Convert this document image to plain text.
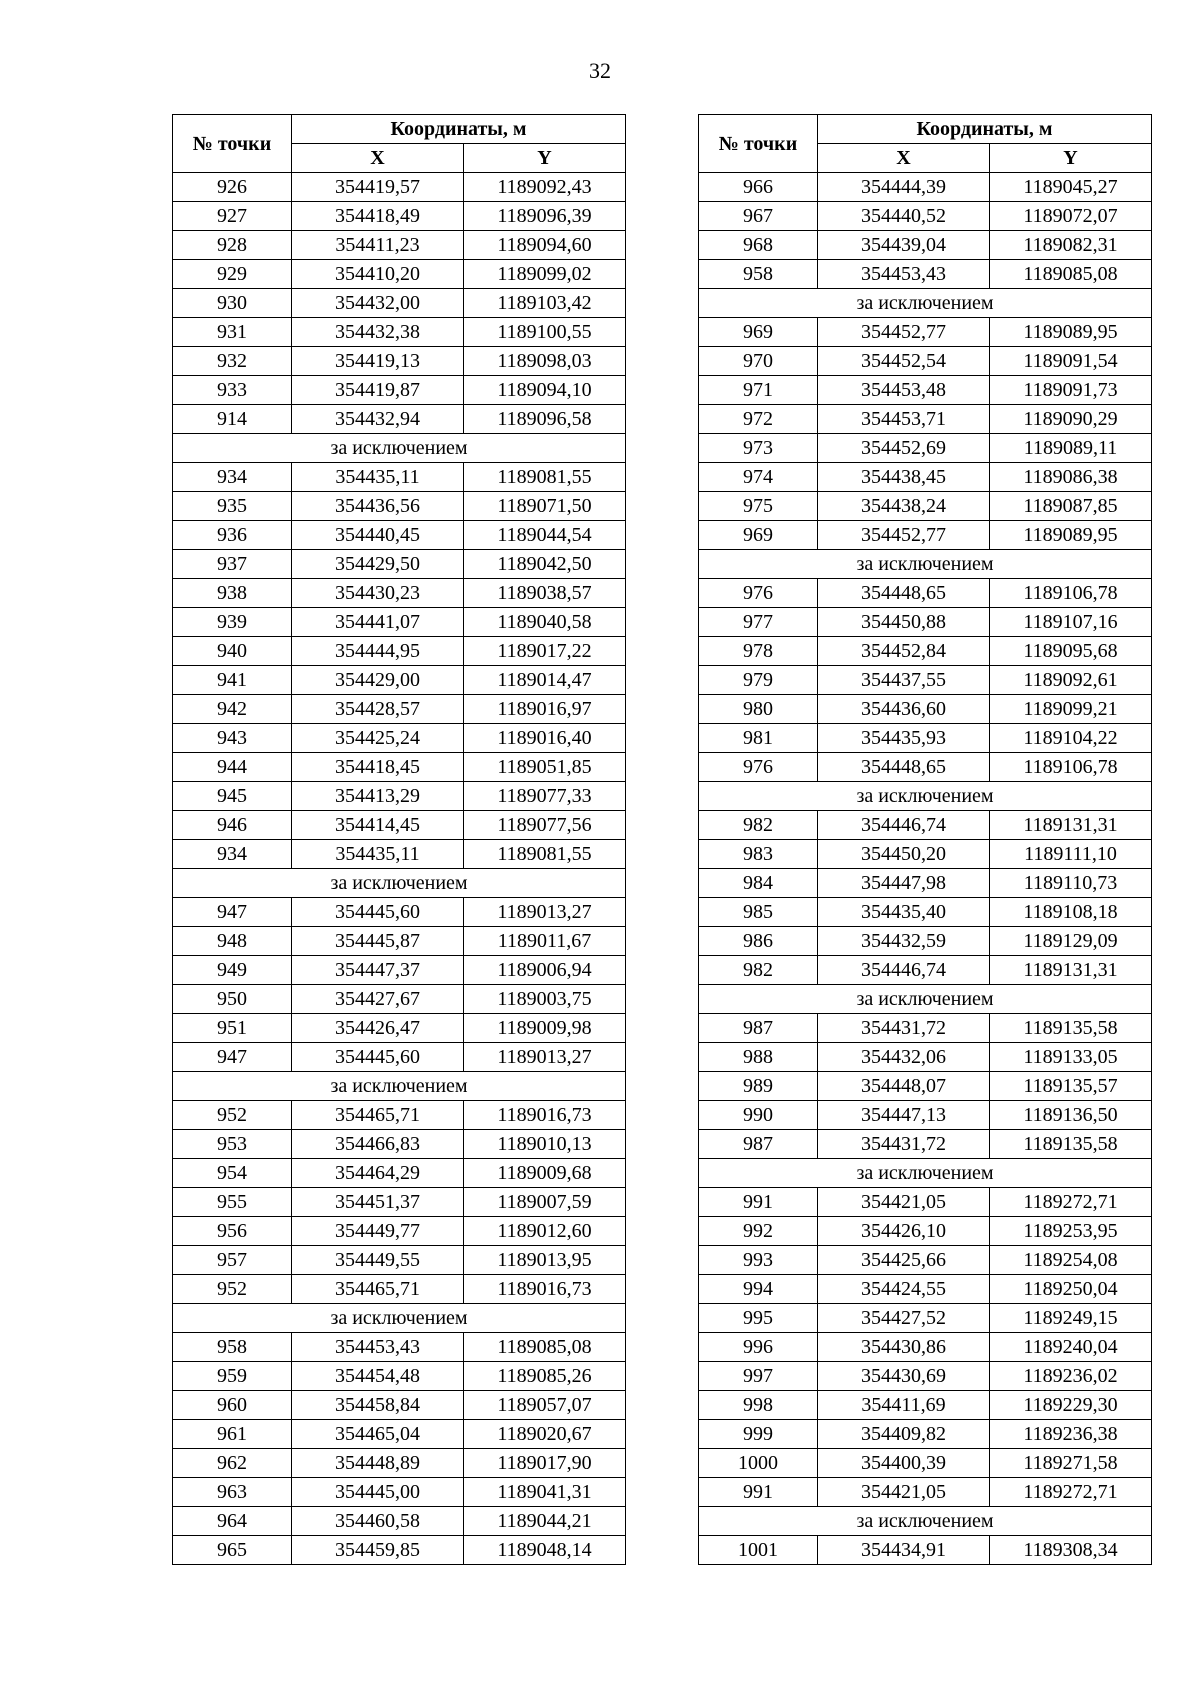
32
№ точки	Координаты, м	
	X	Y
926	354419,57	1189092,43
927	354418,49	1189096,39
928	354411,23	1189094,60
929	354410,20	1189099,02
930	354432,00	1189103,42
931	354432,38	1189100,55
932	354419,13	1189098,03
933	354419,87	1189094,10
914	354432,94	1189096,58
за исключением		
934	354435,11	1189081,55
935	354436,56	1189071,50
936	354440,45	1189044,54
937	354429,50	1189042,50
938	354430,23	1189038,57
939	354441,07	1189040,58
940	354444,95	1189017,22
941	354429,00	1189014,47
942	354428,57	1189016,97
943	354425,24	1189016,40
944	354418,45	1189051,85
945	354413,29	1189077,33
946	354414,45	1189077,56
934	354435,11	1189081,55
за исключением		
947	354445,60	1189013,27
948	354445,87	1189011,67
949	354447,37	1189006,94
950	354427,67	1189003,75
951	354426,47	1189009,98
947	354445,60	1189013,27
за исключением		
952	354465,71	1189016,73
953	354466,83	1189010,13
954	354464,29	1189009,68
955	354451,37	1189007,59
956	354449,77	1189012,60
957	354449,55	1189013,95
952	354465,71	1189016,73
за исключением		
958	354453,43	1189085,08
959	354454,48	1189085,26
960	354458,84	1189057,07
961	354465,04	1189020,67
962	354448,89	1189017,90
963	354445,00	1189041,31
964	354460,58	1189044,21
965	354459,85	1189048,14
№ точки	Координаты, м	
	X	Y
966	354444,39	1189045,27
967	354440,52	1189072,07
968	354439,04	1189082,31
958	354453,43	1189085,08
за исключением		
969	354452,77	1189089,95
970	354452,54	1189091,54
971	354453,48	1189091,73
972	354453,71	1189090,29
973	354452,69	1189089,11
974	354438,45	1189086,38
975	354438,24	1189087,85
969	354452,77	1189089,95
за исключением		
976	354448,65	1189106,78
977	354450,88	1189107,16
978	354452,84	1189095,68
979	354437,55	1189092,61
980	354436,60	1189099,21
981	354435,93	1189104,22
976	354448,65	1189106,78
за исключением		
982	354446,74	1189131,31
983	354450,20	1189111,10
984	354447,98	1189110,73
985	354435,40	1189108,18
986	354432,59	1189129,09
982	354446,74	1189131,31
за исключением		
987	354431,72	1189135,58
988	354432,06	1189133,05
989	354448,07	1189135,57
990	354447,13	1189136,50
987	354431,72	1189135,58
за исключением		
991	354421,05	1189272,71
992	354426,10	1189253,95
993	354425,66	1189254,08
994	354424,55	1189250,04
995	354427,52	1189249,15
996	354430,86	1189240,04
997	354430,69	1189236,02
998	354411,69	1189229,30
999	354409,82	1189236,38
1000	354400,39	1189271,58
991	354421,05	1189272,71
за исключением		
1001	354434,91	1189308,34
